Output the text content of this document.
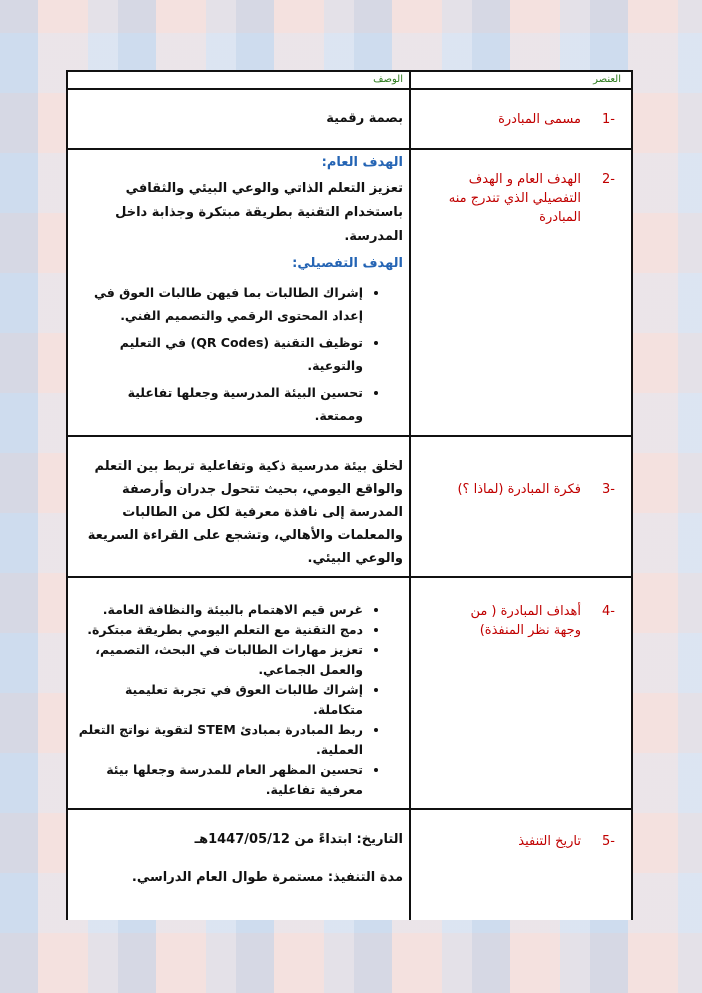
العنصر
الوصف
-1
مسمى المبادرة
بصمة رقمية
-2
الهدف العام و الهدف التفصيلي الذي تندرج منه المبادرة
الهدف العام:
تعزيز التعلم الذاتي والوعي البيئي والثقافي باستخدام التقنية بطريقة مبتكرة وجذابة داخل المدرسة.
الهدف التفصيلي:
• إشراك الطالبات بما فيهن طالبات العوق في إعداد المحتوى الرقمي والتصميم الفني.
• توظيف التقنية (QR Codes) في التعليم والتوعية.
• تحسين البيئة المدرسية وجعلها تفاعلية وممتعة.
-3
فكرة المبادرة (لماذا ؟)
لخلق بيئة مدرسية ذكية وتفاعلية تربط بين التعلم والواقع اليومي، بحيث تتحول جدران وأرصفة المدرسة إلى نافذة معرفية لكل من الطالبات والمعلمات والأهالي، وتشجع على القراءة السريعة والوعي البيئي.
-4
أهداف المبادرة ( من وجهة نظر المنفذة)
• غرس قيم الاهتمام بالبيئة والنظافة العامة.
• دمج التقنية مع التعلم اليومي بطريقة مبتكرة.
• تعزيز مهارات الطالبات في البحث، التصميم، والعمل الجماعي.
• إشراك طالبات العوق في تجربة تعليمية متكاملة.
• ربط المبادرة بمبادئ STEM لتقوية نواتج التعلم العملية.
• تحسين المظهر العام للمدرسة وجعلها بيئة معرفية تفاعلية.
-5
تاريخ التنفيذ
التاريخ: ابتداءً من 1447/05/12هـ
مدة التنفيذ: مستمرة طوال العام الدراسي.
